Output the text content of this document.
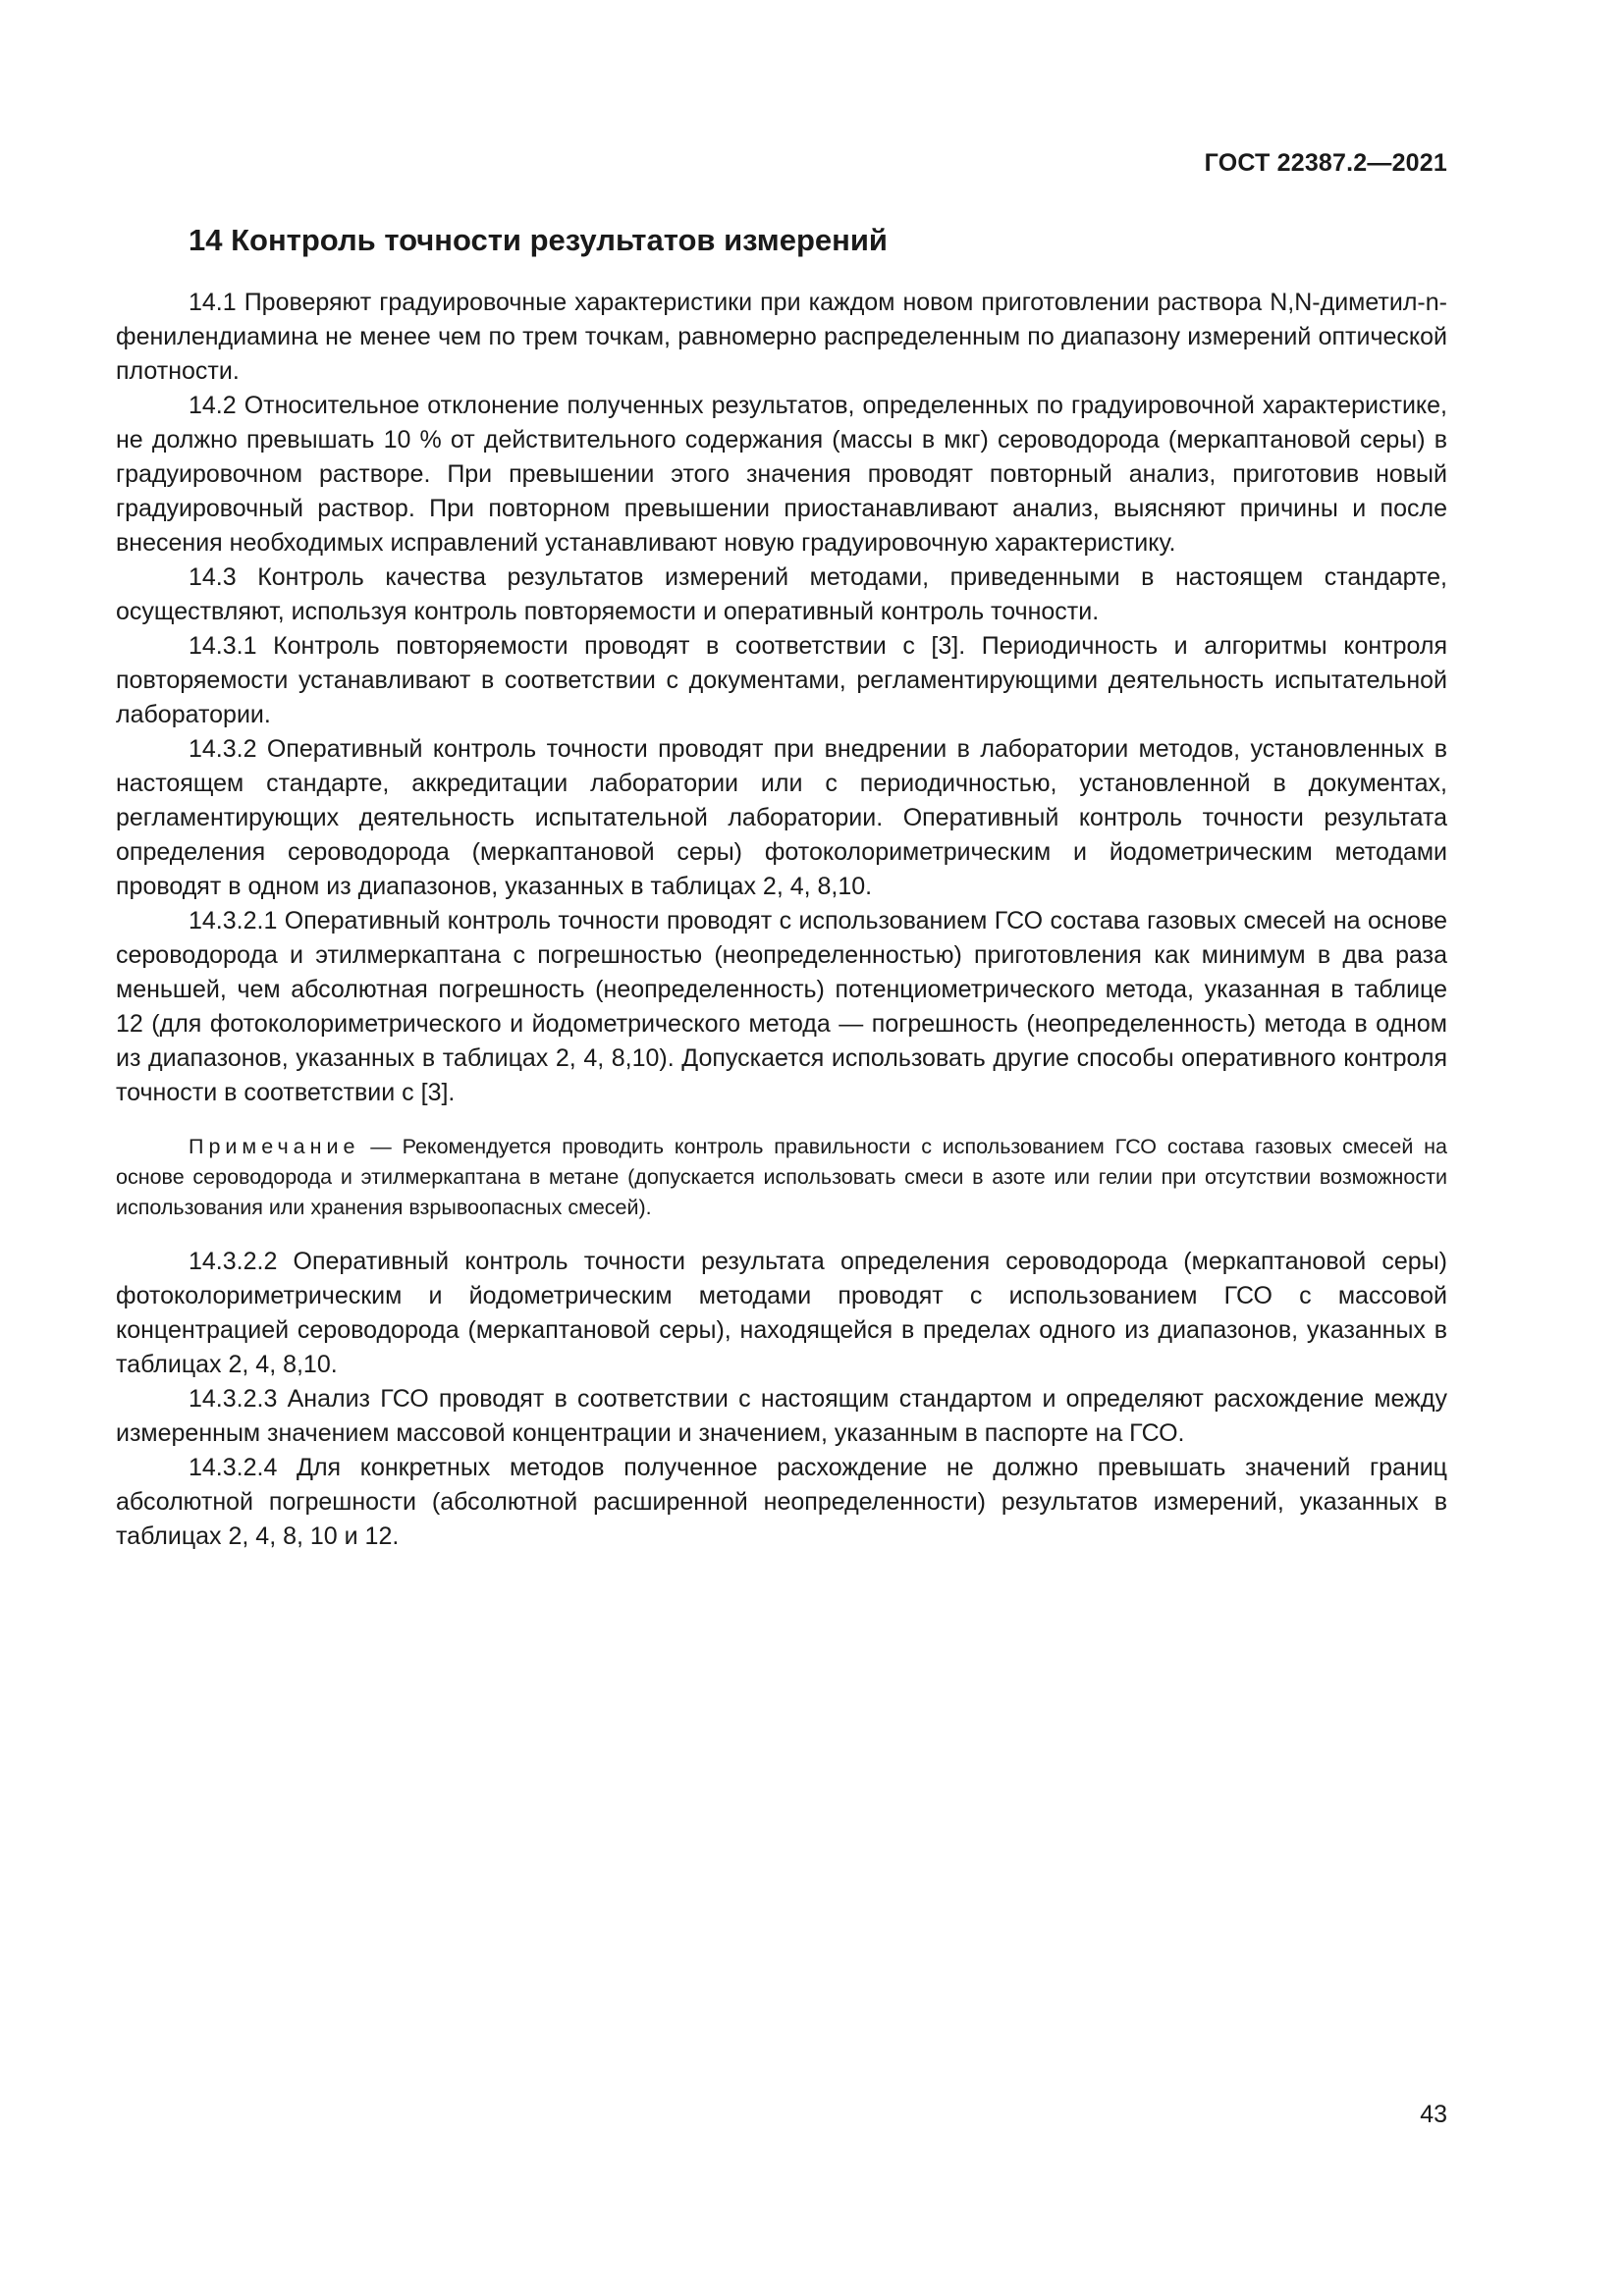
ГОСТ 22387.2—2021
14 Контроль точности результатов измерений

14.1 Проверяют градуировочные характеристики при каждом новом приготовлении раствора N,N-диметил-n-фенилендиамина не менее чем по трем точкам, равномерно распределенным по диапазону измерений оптической плотности.

14.2 Относительное отклонение полученных результатов, определенных по градуировочной характеристике, не должно превышать 10 % от действительного содержания (массы в мкг) сероводорода (меркаптановой серы) в градуировочном растворе. При превышении этого значения проводят повторный анализ, приготовив новый градуировочный раствор. При повторном превышении приостанавливают анализ, выясняют причины и после внесения необходимых исправлений устанавливают новую градуировочную характеристику.

14.3 Контроль качества результатов измерений методами, приведенными в настоящем стандарте, осуществляют, используя контроль повторяемости и оперативный контроль точности.

14.3.1 Контроль повторяемости проводят в соответствии с [3]. Периодичность и алгоритмы контроля повторяемости устанавливают в соответствии с документами, регламентирующими деятельность испытательной лаборатории.

14.3.2 Оперативный контроль точности проводят при внедрении в лаборатории методов, установленных в настоящем стандарте, аккредитации лаборатории или с периодичностью, установленной в документах, регламентирующих деятельность испытательной лаборатории. Оперативный контроль точности результата определения сероводорода (меркаптановой серы) фотоколориметрическим и йодометрическим методами проводят в одном из диапазонов, указанных в таблицах 2, 4, 8,10.

14.3.2.1 Оперативный контроль точности проводят с использованием ГСО состава газовых смесей на основе сероводорода и этилмеркаптана с погрешностью (неопределенностью) приготовления как минимум в два раза меньшей, чем абсолютная погрешность (неопределенность) потенциометрического метода, указанная в таблице 12 (для фотоколориметрического и йодометрического метода — погрешность (неопределенность) метода в одном из диапазонов, указанных в таблицах 2, 4, 8,10). Допускается использовать другие способы оперативного контроля точности в соответствии с [3].

Примечание — Рекомендуется проводить контроль правильности с использованием ГСО состава газовых смесей на основе сероводорода и этилмеркаптана в метане (допускается использовать смеси в азоте или гелии при отсутствии возможности использования или хранения взрывоопасных смесей).

14.3.2.2 Оперативный контроль точности результата определения сероводорода (меркаптановой серы) фотоколориметрическим и йодометрическим методами проводят с использованием ГСО с массовой концентрацией сероводорода (меркаптановой серы), находящейся в пределах одного из диапазонов, указанных в таблицах 2, 4, 8,10.

14.3.2.3 Анализ ГСО проводят в соответствии с настоящим стандартом и определяют расхождение между измеренным значением массовой концентрации и значением, указанным в паспорте на ГСО.

14.3.2.4 Для конкретных методов полученное расхождение не должно превышать значений границ абсолютной погрешности (абсолютной расширенной неопределенности) результатов измерений, указанных в таблицах 2, 4, 8, 10 и 12.

43
